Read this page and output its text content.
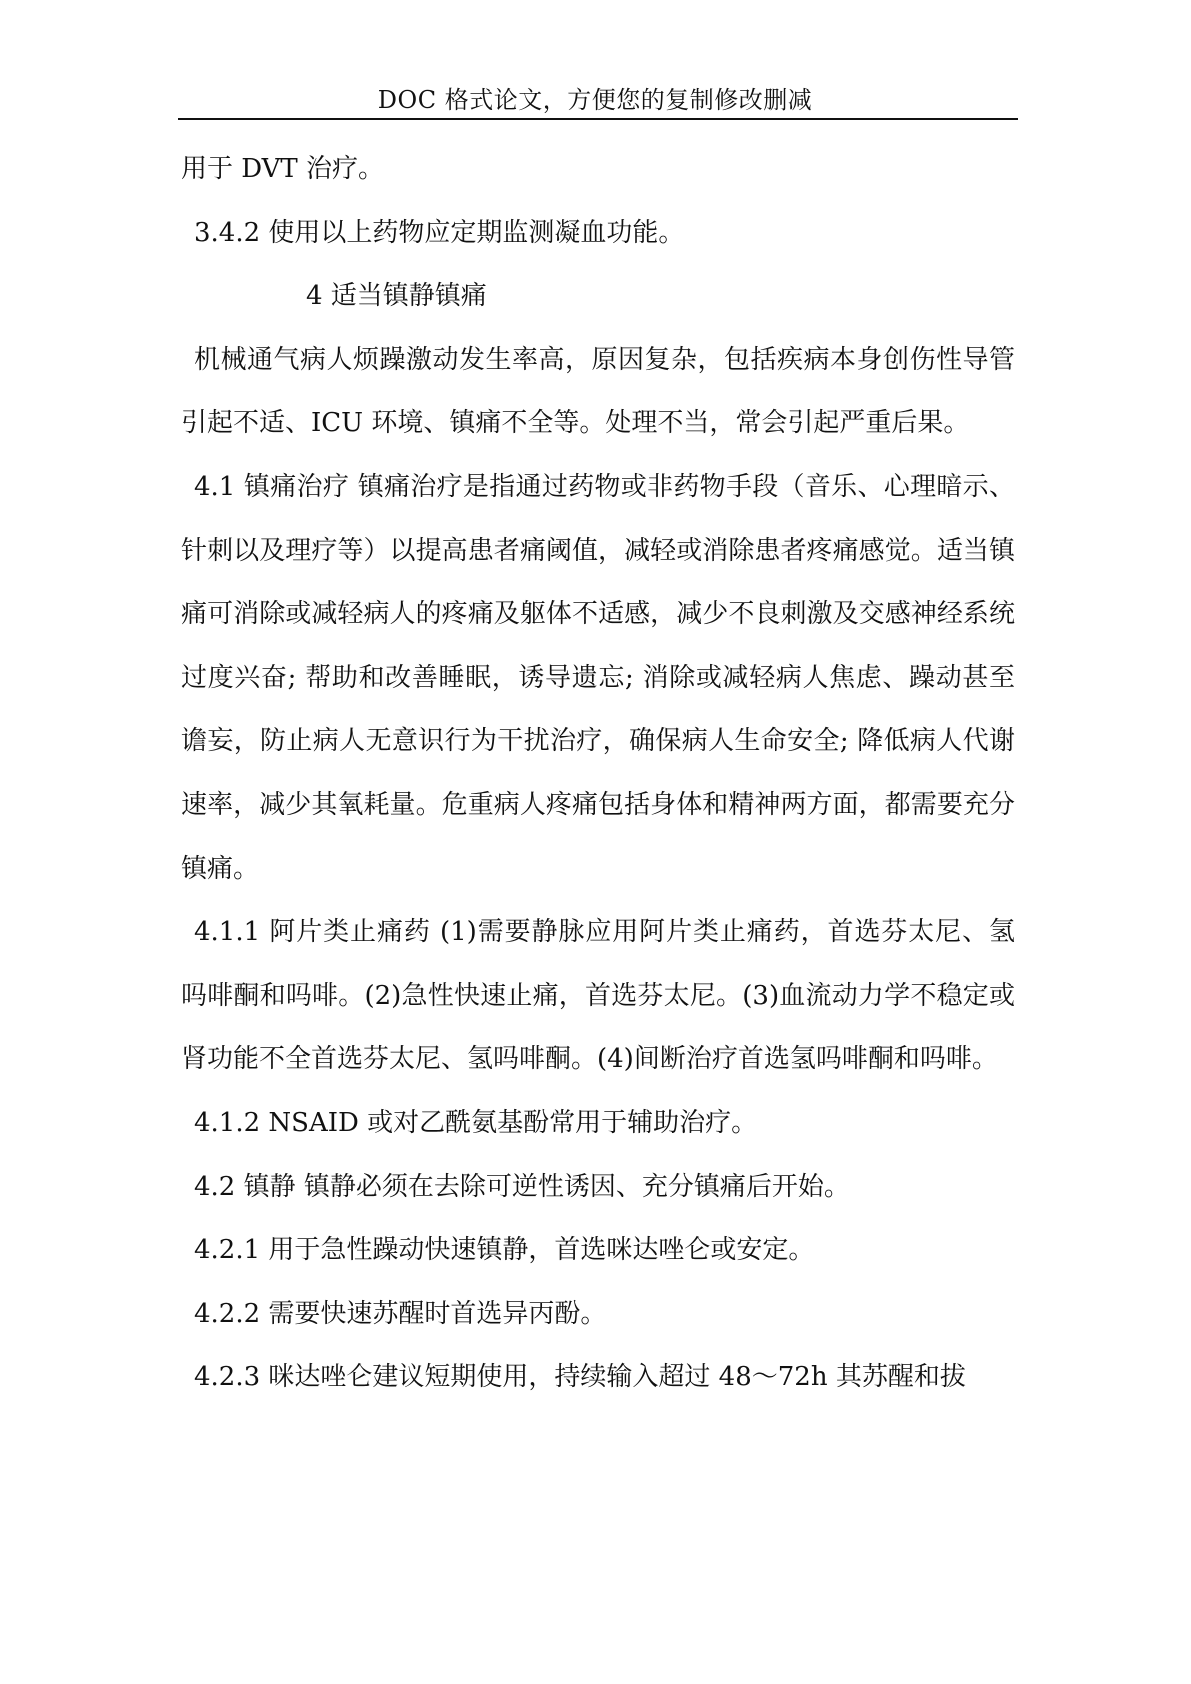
DOC 格式论文，方便您的复制修改删减

用于 DVT 治疗。

3.4.2 使用以上药物应定期监测凝血功能。

4 适当镇静镇痛

机械通气病人烦躁激动发生率高，原因复杂，包括疾病本身创伤性导管引起不适、ICU 环境、镇痛不全等。处理不当，常会引起严重后果。

4.1 镇痛治疗 镇痛治疗是指通过药物或非药物手段（音乐、心理暗示、针刺以及理疗等）以提高患者痛阈值，减轻或消除患者疼痛感觉。适当镇痛可消除或减轻病人的疼痛及躯体不适感，减少不良刺激及交感神经系统过度兴奋; 帮助和改善睡眠，诱导遗忘; 消除或减轻病人焦虑、躁动甚至谵妄，防止病人无意识行为干扰治疗，确保病人生命安全; 降低病人代谢速率，减少其氧耗量。危重病人疼痛包括身体和精神两方面，都需要充分镇痛。

4.1.1 阿片类止痛药 (1)需要静脉应用阿片类止痛药，首选芬太尼、氢吗啡酮和吗啡。(2)急性快速止痛，首选芬太尼。(3)血流动力学不稳定或肾功能不全首选芬太尼、氢吗啡酮。(4)间断治疗首选氢吗啡酮和吗啡。

4.1.2 NSAID 或对乙酰氨基酚常用于辅助治疗。

4.2 镇静 镇静必须在去除可逆性诱因、充分镇痛后开始。

4.2.1 用于急性躁动快速镇静，首选咪达唑仑或安定。

4.2.2 需要快速苏醒时首选异丙酚。

4.2.3 咪达唑仑建议短期使用，持续输入超过 48～72h 其苏醒和拔
